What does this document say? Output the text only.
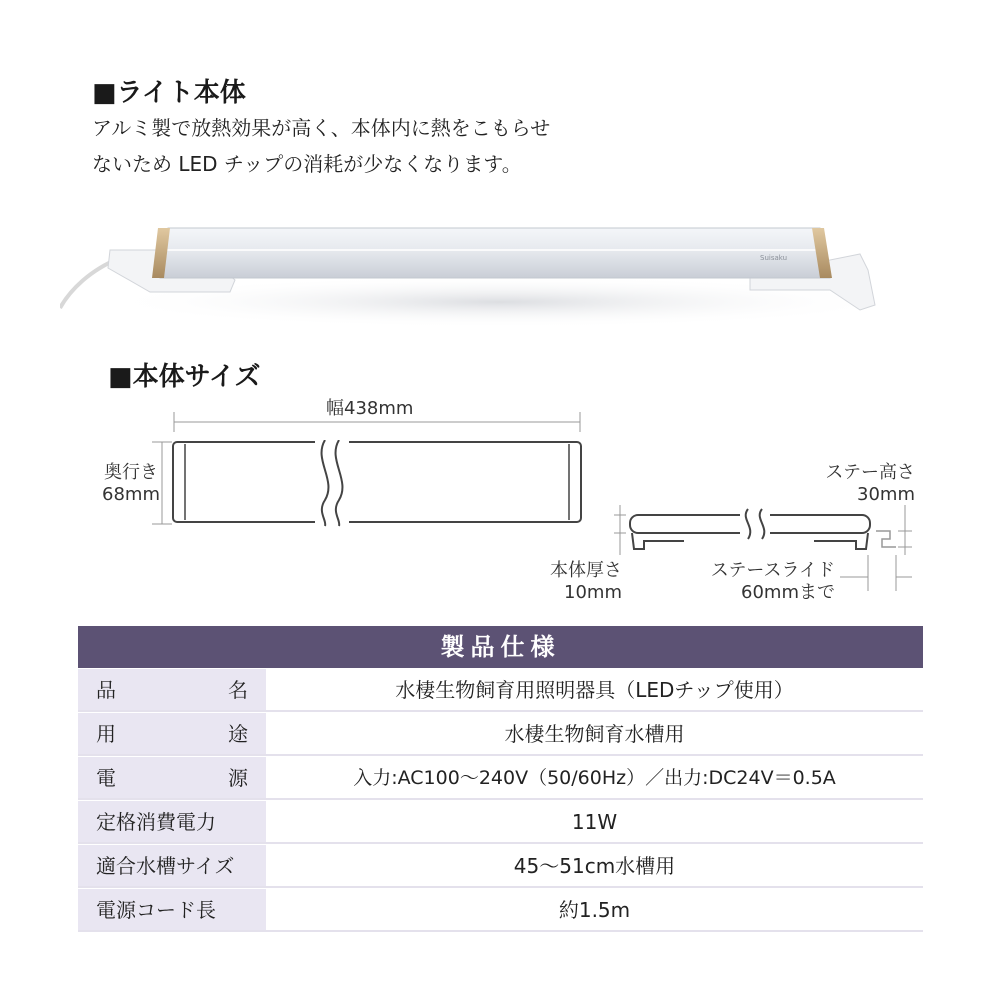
■ライト本体
アルミ製で放熱効果が高く、本体内に熱をこもらせ
ないため LED チップの消耗が少なくなります。
Suisaku
■本体サイズ
幅438mm
奥行き
68mm
ステー高さ
30mm
本体厚さ
10mm
ステースライド
60mmまで
製品仕様
品　　名	水棲生物飼育用照明器具（LEDチップ使用）
用　　途	水棲生物飼育水槽用
電　　源	入力:AC100～240V（50/60Hz）／出力:DC24V＝0.5A
定格消費電力	11W
適合水槽サイズ	45～51cm水槽用
電源コード長	約1.5m
